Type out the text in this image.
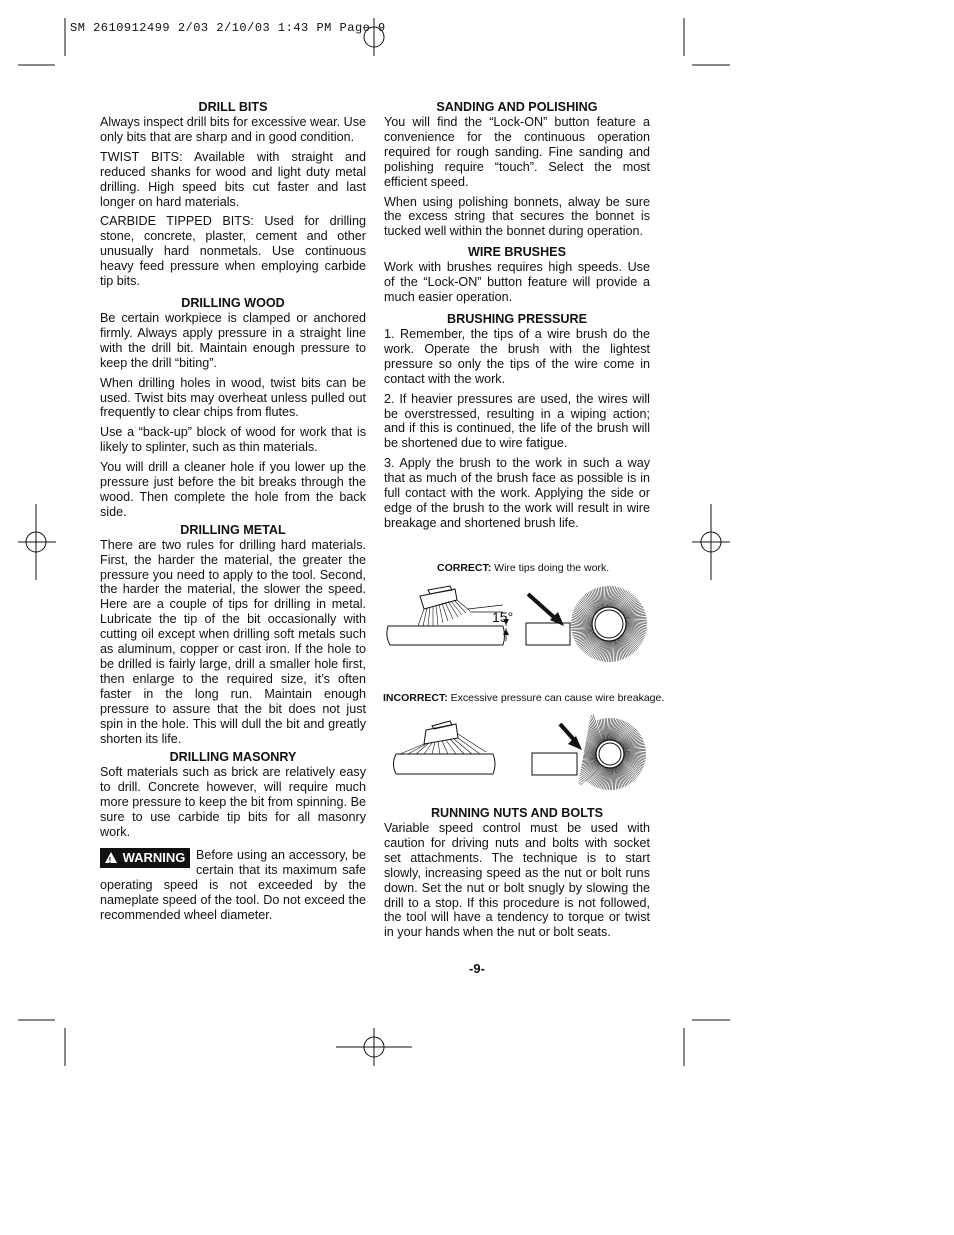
SM 2610912499 2/03 2/10/03 1:43 PM Page 9
DRILL BITS

Always inspect drill bits for excessive wear. Use only bits that are sharp and in good condition.

TWIST BITS: Available with straight and reduced shanks for wood and light duty metal drilling. High speed bits cut faster and last longer on hard materials.

CARBIDE TIPPED BITS: Used for drilling stone, concrete, plaster, cement and other unusually hard nonmetals. Use continuous heavy feed pressure when employing carbide tip bits.

DRILLING WOOD

Be certain workpiece is clamped or anchored firmly. Always apply pressure in a straight line with the drill bit. Maintain enough pressure to keep the drill “biting”.

When drilling holes in wood, twist bits can be used. Twist bits may overheat unless pulled out frequently to clear chips from flutes.

Use a “back-up” block of wood for work that is likely to splinter, such as thin materials.

You will drill a cleaner hole if you lower up the pressure just before the bit breaks through the wood. Then complete the hole from the back side.

DRILLING METAL

There are two rules for drilling hard materials. First, the harder the material, the greater the pressure you need to apply to the tool. Second, the harder the material, the slower the speed. Here are a couple of tips for drilling in metal. Lubricate the tip of the bit occasionally with cutting oil except when drilling soft metals such as aluminum, copper or cast iron. If the hole to be drilled is fairly large, drill a smaller hole first, then enlarge to the required size, it’s often faster in the long run. Maintain enough pressure to assure that the bit does not just spin in the hole. This will dull the bit and greatly shorten its life.

DRILLING MASONRY

Soft materials such as brick are relatively easy to drill. Concrete however, will require much more pressure to keep the bit from spinning. Be sure to use carbide tip bits for all masonry work.

! WARNING Before using an accessory, be certain that its maximum safe operating speed is not exceeded by the nameplate speed of the tool. Do not exceed the recommended wheel diameter.

SANDING AND POLISHING

You will find the “Lock-ON” button feature a convenience for the continuous operation required for rough sanding. Fine sanding and polishing require “touch”. Select the most efficient speed.

When using polishing bonnets, alway be sure the excess string that secures the bonnet is tucked well within the bonnet during operation.

WIRE BRUSHES

Work with brushes requires high speeds. Use of the “Lock-ON” button feature will provide a much easier operation.

BRUSHING PRESSURE

1. Remember, the tips of a wire brush do the work. Operate the brush with the lightest pressure so only the tips of the wire come in contact with the work.

2. If heavier pressures are used, the wires will be overstressed, resulting in a wiping action; and if this is continued, the life of the brush will be shortened due to wire fatigue.

3. Apply the brush to the work in such a way that as much of the brush face as possible is in full contact with the work. Applying the side or edge of the brush to the work will result in wire breakage and shortened brush life.

CORRECT: Wire tips doing the work.
15°
INCORRECT: Excessive pressure can cause wire breakage.
RUNNING NUTS AND BOLTS

Variable speed control must be used with caution for driving nuts and bolts with socket set attachments. The technique is to start slowly, increasing speed as the nut or bolt runs down. Set the nut or bolt snugly by slowing the drill to a stop. If this procedure is not followed, the tool will have a tendency to torque or twist in your hands when the nut or bolt seats.

-9-
